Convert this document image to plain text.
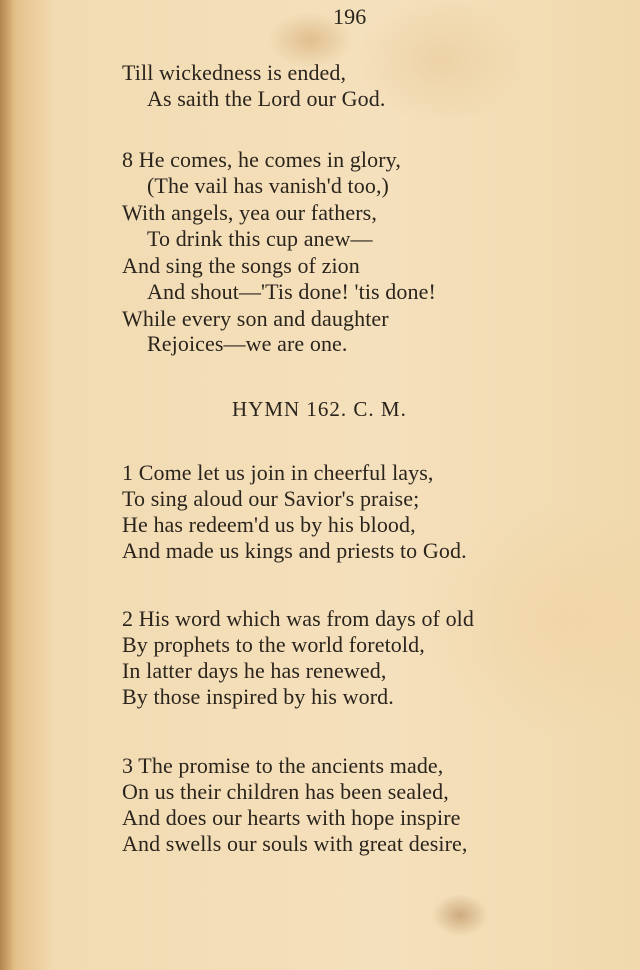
196
Till wickedness is ended,
As saith the Lord our God.
8 He comes, he comes in glory,
(The vail has vanish'd too,)
With angels, yea our fathers,
To drink this cup anew—
And sing the songs of zion
And shout—'Tis done! 'tis done!
While every son and daughter
Rejoices—we are one.
HYMN 162. C. M.
1 Come let us join in cheerful lays,
To sing aloud our Savior's praise;
He has redeem'd us by his blood,
And made us kings and priests to God.
2 His word which was from days of old
By prophets to the world foretold,
In latter days he has renewed,
By those inspired by his word.
3 The promise to the ancients made,
On us their children has been sealed,
And does our hearts with hope inspire
And swells our souls with great desire,
